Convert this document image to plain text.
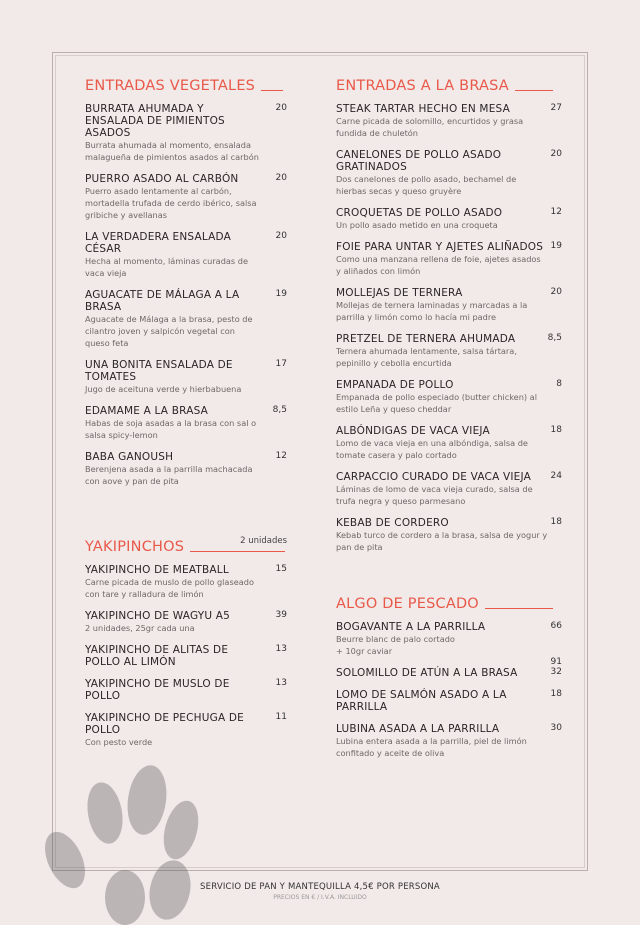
ENTRADAS VEGETALES
BURRATA AHUMADA Y ENSALADA DE PIMIENTOS ASADOS
Burrata ahumada al momento, ensalada malagueña de pimientos asados al carbón
20
PUERRO ASADO AL CARBÓN
Puerro asado lentamente al carbón, mortadella trufada de cerdo ibérico, salsa gribiche y avellanas
20
LA VERDADERA ENSALADA CÉSAR
Hecha al momento, láminas curadas de vaca vieja
20
AGUACATE DE MÁLAGA A LA BRASA
Aguacate de Málaga a la brasa, pesto de cilantro joven y salpicón vegetal con queso feta
19
UNA BONITA ENSALADA DE TOMATES
Jugo de aceituna verde y hierbabuena
17
EDAMAME A LA BRASA
Habas de soja asadas a la brasa con sal o salsa spicy-lemon
8,5
BABA GANOUSH
Berenjena asada a la parrilla machacada con aove y pan de pita
12
YAKIPINCHOS	2 unidades
YAKIPINCHO DE MEATBALL
Carne picada de muslo de pollo glaseado con tare y ralladura de limón
15
YAKIPINCHO DE WAGYU A5
2 unidades, 25gr cada una
39
YAKIPINCHO DE ALITAS DE POLLO AL LIMÓN
13
YAKIPINCHO DE MUSLO DE POLLO
13
YAKIPINCHO DE PECHUGA DE POLLO
Con pesto verde
11
ENTRADAS A LA BRASA
STEAK TARTAR HECHO EN MESA
Carne picada de solomillo, encurtidos y grasa fundida de chuletón
27
CANELONES DE POLLO ASADO GRATINADOS
Dos canelones de pollo asado, bechamel de hierbas secas y queso gruyère
20
CROQUETAS DE POLLO ASADO
Un pollo asado metido en una croqueta
12
FOIE PARA UNTAR Y AJETES ALIÑADOS
Como una manzana rellena de foie, ajetes asados y aliñados con limón
19
MOLLEJAS DE TERNERA
Mollejas de ternera laminadas y marcadas a la parrilla y limón como lo hacía mi padre
20
PRETZEL DE TERNERA AHUMADA
Ternera ahumada lentamente, salsa tártara, pepinillo y cebolla encurtida
8,5
EMPANADA DE POLLO
Empanada de pollo especiado (butter chicken) al estilo Leña y queso cheddar
8
ALBÓNDIGAS DE VACA VIEJA
Lomo de vaca vieja en una albóndiga, salsa de tomate casera y palo cortado
18
CARPACCIO CURADO DE VACA VIEJA
Láminas de lomo de vaca vieja curado, salsa de trufa negra y queso parmesano
24
KEBAB DE CORDERO
Kebab turco de cordero a la brasa, salsa de yogur y pan de pita
18
ALGO DE PESCADO
BOGAVANTE A LA PARRILLA
Beurre blanc de palo cortado
+ 10gr caviar
66
91
SOLOMILLO DE ATÚN A LA BRASA	32
LOMO DE SALMÓN ASADO A LA PARRILLA
18
LUBINA ASADA A LA PARRILLA
Lubina entera asada a la parrilla, piel de limón confitado y aceite de oliva
30
SERVICIO DE PAN Y MANTEQUILLA 4,5€ POR PERSONA
PRECIOS EN € / I.V.A. INCLUIDO
